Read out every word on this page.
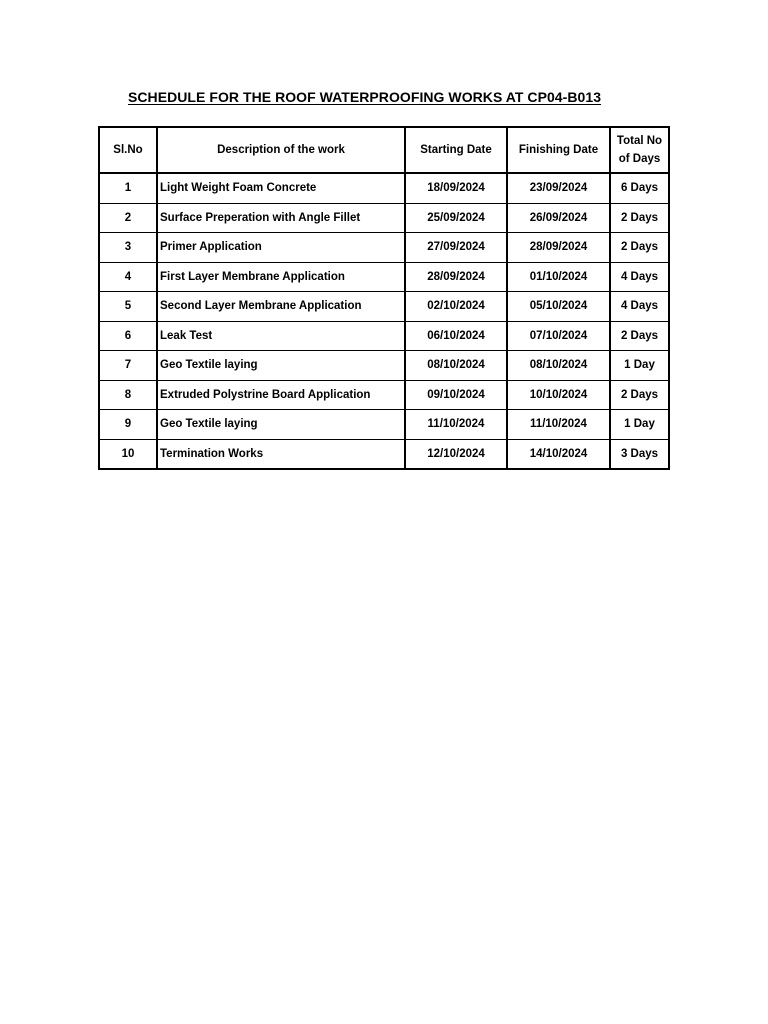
SCHEDULE FOR THE ROOF WATERPROOFING WORKS AT CP04-B013
Sl.No	Description of the work	Starting Date	Finishing Date	Total No
of Days

1	Light Weight Foam Concrete	18/09/2024	23/09/2024	6 Days
2	Surface Preperation with Angle Fillet	25/09/2024	26/09/2024	2 Days
3	Primer Application	27/09/2024	28/09/2024	2 Days
4	First Layer Membrane Application	28/09/2024	01/10/2024	4 Days
5	Second Layer Membrane Application	02/10/2024	05/10/2024	4 Days
6	Leak Test	06/10/2024	07/10/2024	2 Days
7	Geo Textile laying	08/10/2024	08/10/2024	1 Day
8	Extruded Polystrine Board Application	09/10/2024	10/10/2024	2 Days
9	Geo Textile laying	11/10/2024	11/10/2024	1 Day
10	Termination Works	12/10/2024	14/10/2024	3 Days
